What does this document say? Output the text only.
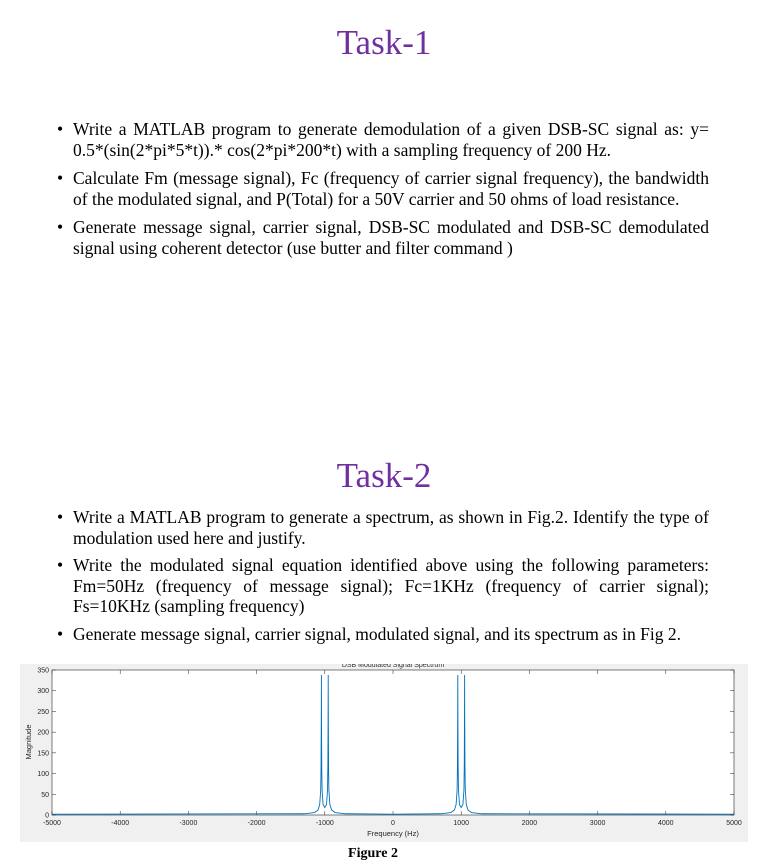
Task-1
• Write a MATLAB program to generate demodulation of a given DSB-SC signal as: y= 0.5*(sin(2*pi*5*t)).* cos(2*pi*200*t) with a sampling frequency of 200 Hz.
• Calculate Fm (message signal), Fc (frequency of carrier signal frequency), the bandwidth of the modulated signal, and P(Total) for a 50V carrier and 50 ohms of load resistance.
• Generate message signal, carrier signal, DSB-SC modulated and DSB-SC demodulated signal using coherent detector (use butter and filter command )
Task-2
• Write a MATLAB program to generate a spectrum, as shown in Fig.2. Identify the type of modulation used here and justify.
• Write the modulated signal equation identified above using the following parameters: Fm=50Hz (frequency of message signal); Fc=1KHz (frequency of carrier signal); Fs=10KHz (sampling frequency)
• Generate message signal, carrier signal, modulated signal, and its spectrum as in Fig 2.
DSB Modulated Signal Spectrum
0
50
100
150
200
250
300
350
-5000	-4000	-3000	-2000	-1000	0	1000	2000	3000	4000	5000
Frequency (Hz)
Magnitude
Figure 2
